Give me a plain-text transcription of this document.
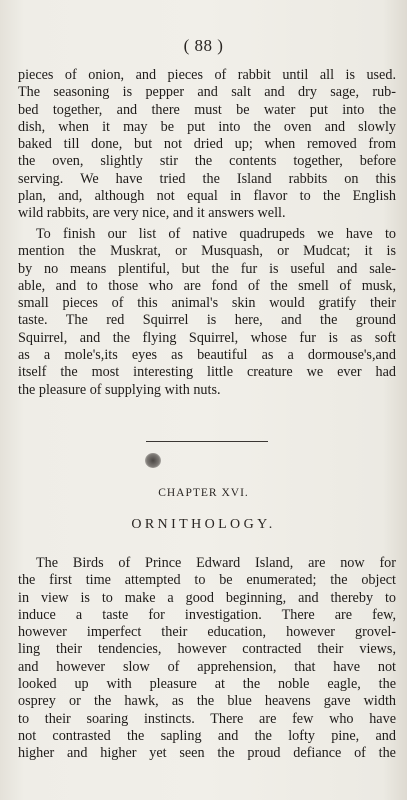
( 88 )
pieces of onion, and pieces of rabbit until all is used.
The seasoning is pepper and salt and dry sage, rub-
bed together, and there must be water put into the
dish, when it may be put into the oven and slowly
baked till done, but not dried up; when removed from
the oven, slightly stir the contents together, before
serving. We have tried the Island rabbits on this
plan, and, although not equal in flavor to the English
wild rabbits, are very nice, and it answers well.
To finish our list of native quadrupeds we have to
mention the Muskrat, or Musquash, or Mudcat; it is
by no means plentiful, but the fur is useful and sale-
able, and to those who are fond of the smell of musk,
small pieces of this animal's skin would gratify their
taste. The red Squirrel is here, and the ground
Squirrel, and the flying Squirrel, whose fur is as soft
as a mole's,its eyes as beautiful as a dormouse's,and
itself the most interesting little creature we ever had
the pleasure of supplying with nuts.
CHAPTER XVI.
ORNITHOLOGY.
The Birds of Prince Edward Island, are now for
the first time attempted to be enumerated; the object
in view is to make a good beginning, and thereby to
induce a taste for investigation. There are few,
however imperfect their education, however grovel-
ling their tendencies, however contracted their views,
and however slow of apprehension, that have not
looked up with pleasure at the noble eagle, the
osprey or the hawk, as the blue heavens gave width
to their soaring instincts. There are few who have
not contrasted the sapling and the lofty pine, and
higher and higher yet seen the proud defiance of the
